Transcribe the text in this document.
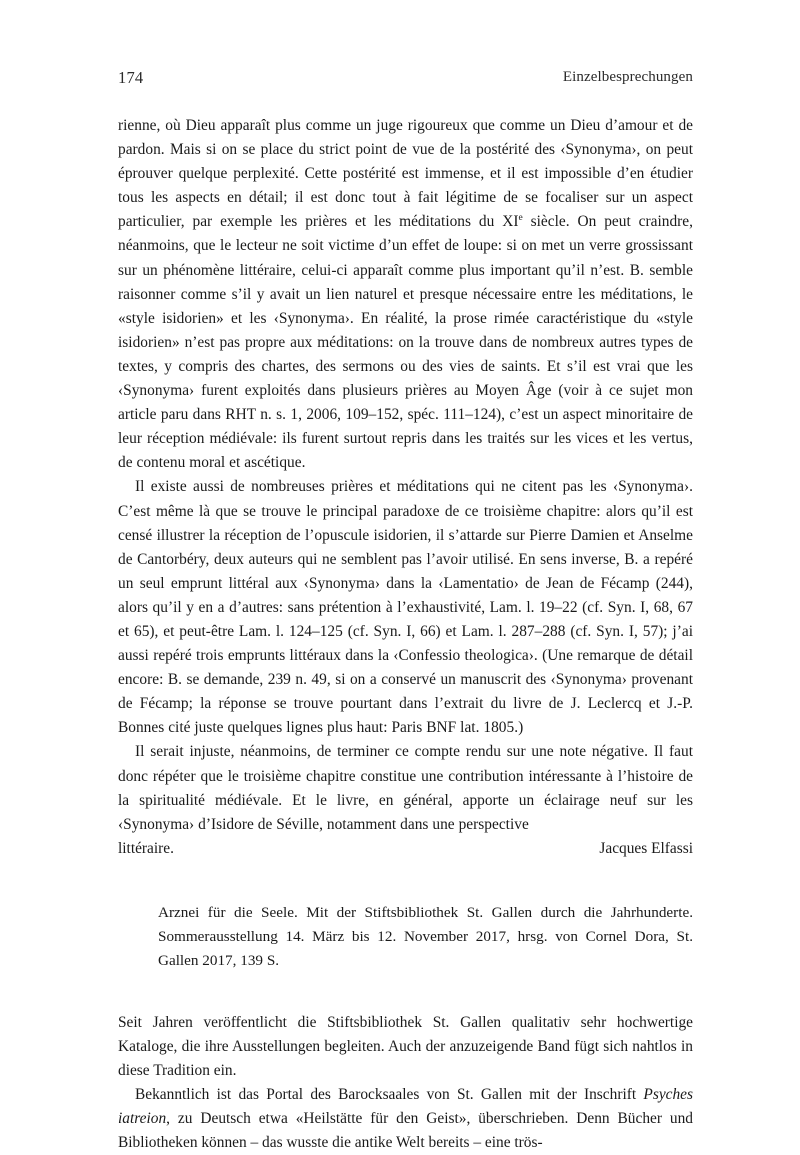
174	Einzelbesprechungen

rienne, où Dieu apparaît plus comme un juge rigoureux que comme un Dieu d’amour et de pardon. Mais si on se place du strict point de vue de la postérité des ‹Synonyma›, on peut éprouver quelque perplexité. Cette postérité est immense, et il est impossible d’en étudier tous les aspects en détail; il est donc tout à fait légitime de se focaliser sur un aspect particulier, par exemple les prières et les méditations du XIe siècle. On peut craindre, néanmoins, que le lecteur ne soit victime d’un effet de loupe: si on met un verre grossissant sur un phénomène littéraire, celui-ci apparaît comme plus important qu’il n’est. B. semble raisonner comme s’il y avait un lien naturel et presque nécessaire entre les méditations, le «style isidorien» et les ‹Synonyma›. En réalité, la prose rimée caractéristique du «style isidorien» n’est pas propre aux méditations: on la trouve dans de nombreux autres types de textes, y compris des chartes, des sermons ou des vies de saints. Et s’il est vrai que les ‹Synonyma› furent exploités dans plusieurs prières au Moyen Âge (voir à ce sujet mon article paru dans RHT n. s. 1, 2006, 109–152, spéc. 111–124), c’est un aspect minoritaire de leur réception médiévale: ils furent surtout repris dans les traités sur les vices et les vertus, de contenu moral et ascétique.

Il existe aussi de nombreuses prières et méditations qui ne citent pas les ‹Synonyma›. C’est même là que se trouve le principal paradoxe de ce troisième chapitre: alors qu’il est censé illustrer la réception de l’opuscule isidorien, il s’attarde sur Pierre Damien et Anselme de Cantorbéry, deux auteurs qui ne semblent pas l’avoir utilisé. En sens inverse, B. a repéré un seul emprunt littéral aux ‹Synonyma› dans la ‹Lamentatio› de Jean de Fécamp (244), alors qu’il y en a d’autres: sans prétention à l’exhaustivité, Lam. l. 19–22 (cf. Syn. I, 68, 67 et 65), et peut-être Lam. l. 124–125 (cf. Syn. I, 66) et Lam. l. 287–288 (cf. Syn. I, 57); j’ai aussi repéré trois emprunts littéraux dans la ‹Confessio theologica›. (Une remarque de détail encore: B. se demande, 239 n. 49, si on a conservé un manuscrit des ‹Synonyma› provenant de Fécamp; la réponse se trouve pourtant dans l’extrait du livre de J. Leclercq et J.-P. Bonnes cité juste quelques lignes plus haut: Paris BNF lat. 1805.)

Il serait injuste, néanmoins, de terminer ce compte rendu sur une note négative. Il faut donc répéter que le troisième chapitre constitue une contribution intéressante à l’histoire de la spiritualité médiévale. Et le livre, en général, apporte un éclairage neuf sur les ‹Synonyma› d’Isidore de Séville, notamment dans une perspective

littéraire.	Jacques Elfassi

Arznei für die Seele. Mit der Stiftsbibliothek St. Gallen durch die Jahrhunderte. Sommerausstellung 14. März bis 12. November 2017, hrsg. von Cornel Dora, St. Gallen 2017, 139 S.

Seit Jahren veröffentlicht die Stiftsbibliothek St. Gallen qualitativ sehr hochwertige Kataloge, die ihre Ausstellungen begleiten. Auch der anzuzeigende Band fügt sich nahtlos in diese Tradition ein.

Bekanntlich ist das Portal des Barocksaales von St. Gallen mit der Inschrift Psyches iatreion, zu Deutsch etwa «Heilstätte für den Geist», überschrieben. Denn Bücher und Bibliotheken können – das wusste die antike Welt bereits – eine trös-
